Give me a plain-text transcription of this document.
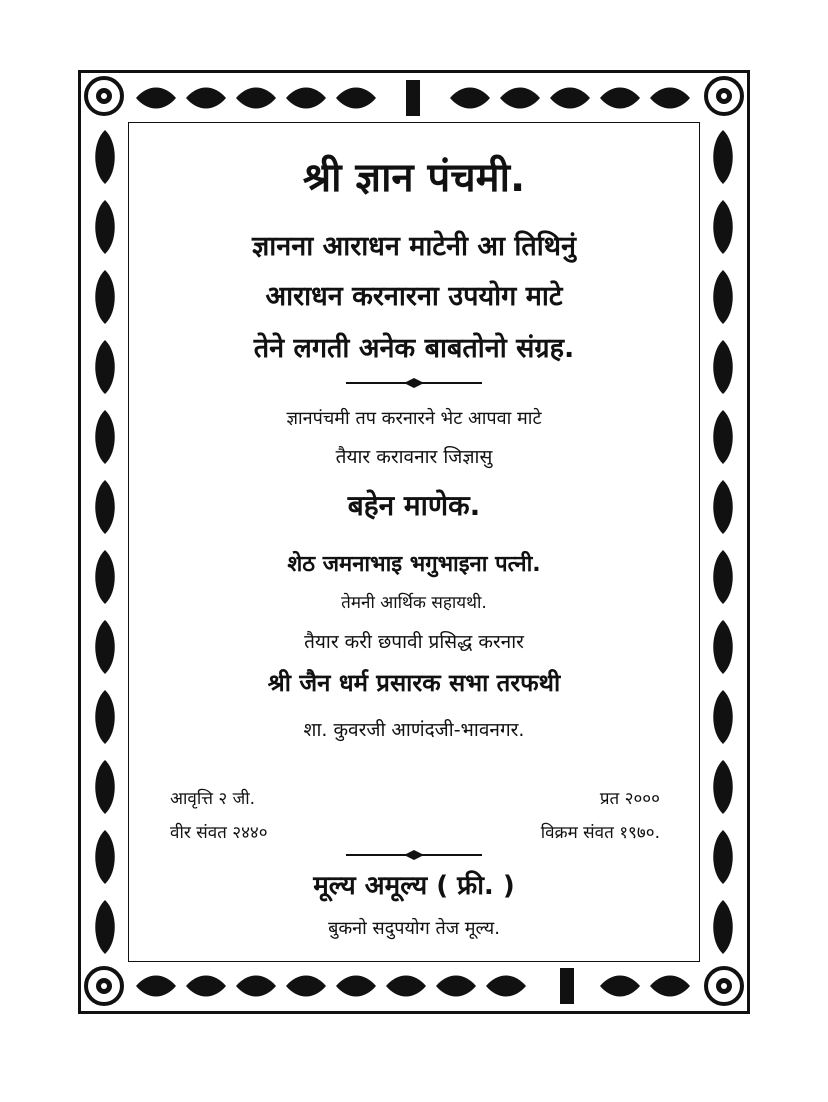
श्री ज्ञान पंचमी.
ज्ञानना आराधन माटेनी आ तिथिनुं
आराधन करनारना उपयोग माटे
तेने लगती अनेक बाबतोनो संग्रह.
ज्ञानपंचमी तप करनारने भेट आपवा माटे
तैयार करावनार जिज्ञासु
बहेन माणेक.
शेठ जमनाभाइ भगुभाइना पत्नी.
तेमनी आर्थिक सहायथी.
तैयार करी छपावी प्रसिद्ध करनार
श्री जैन धर्म प्रसारक सभा तरफथी
शा. कुवरजी आणंदजी-भावनगर.
आवृत्ति २ जी.	प्रत २०००
वीर संवत २४४०	विक्रम संवत १९७०.
मूल्य अमूल्य ( फ्री. )
बुकनो सदुपयोग तेज मूल्य.
